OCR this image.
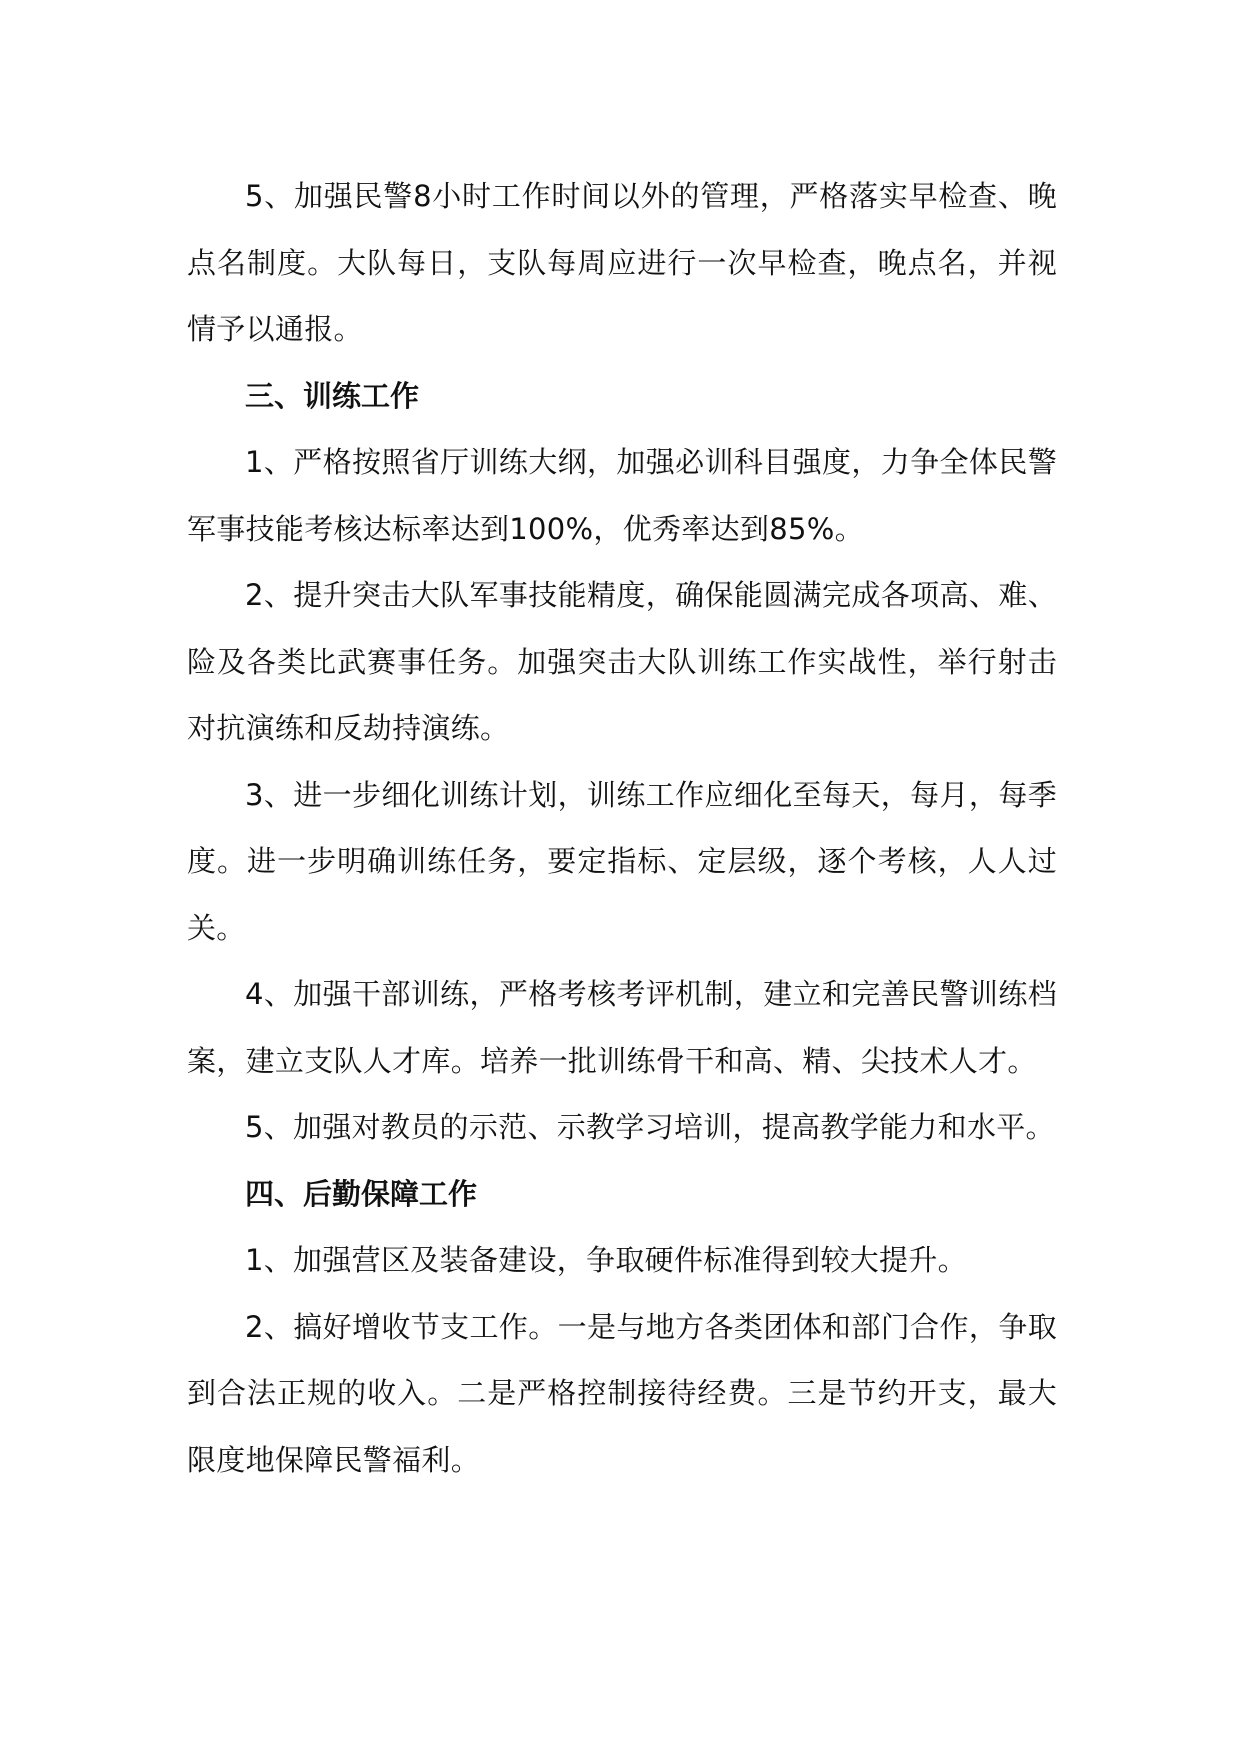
5、加强民警8小时工作时间以外的管理，严格落实早检查、晚点名制度。大队每日，支队每周应进行一次早检查，晚点名，并视情予以通报。

三、训练工作

1、严格按照省厅训练大纲，加强必训科目强度，力争全体民警军事技能考核达标率达到100%，优秀率达到85%。

2、提升突击大队军事技能精度，确保能圆满完成各项高、难、险及各类比武赛事任务。加强突击大队训练工作实战性，举行射击对抗演练和反劫持演练。

3、进一步细化训练计划，训练工作应细化至每天，每月，每季度。进一步明确训练任务，要定指标、定层级，逐个考核，人人过关。

4、加强干部训练，严格考核考评机制，建立和完善民警训练档案，建立支队人才库。培养一批训练骨干和高、精、尖技术人才。

5、加强对教员的示范、示教学习培训，提高教学能力和水平。

四、后勤保障工作

1、加强营区及装备建设，争取硬件标准得到较大提升。

2、搞好增收节支工作。一是与地方各类团体和部门合作，争取到合法正规的收入。二是严格控制接待经费。三是节约开支，最大限度地保障民警福利。
